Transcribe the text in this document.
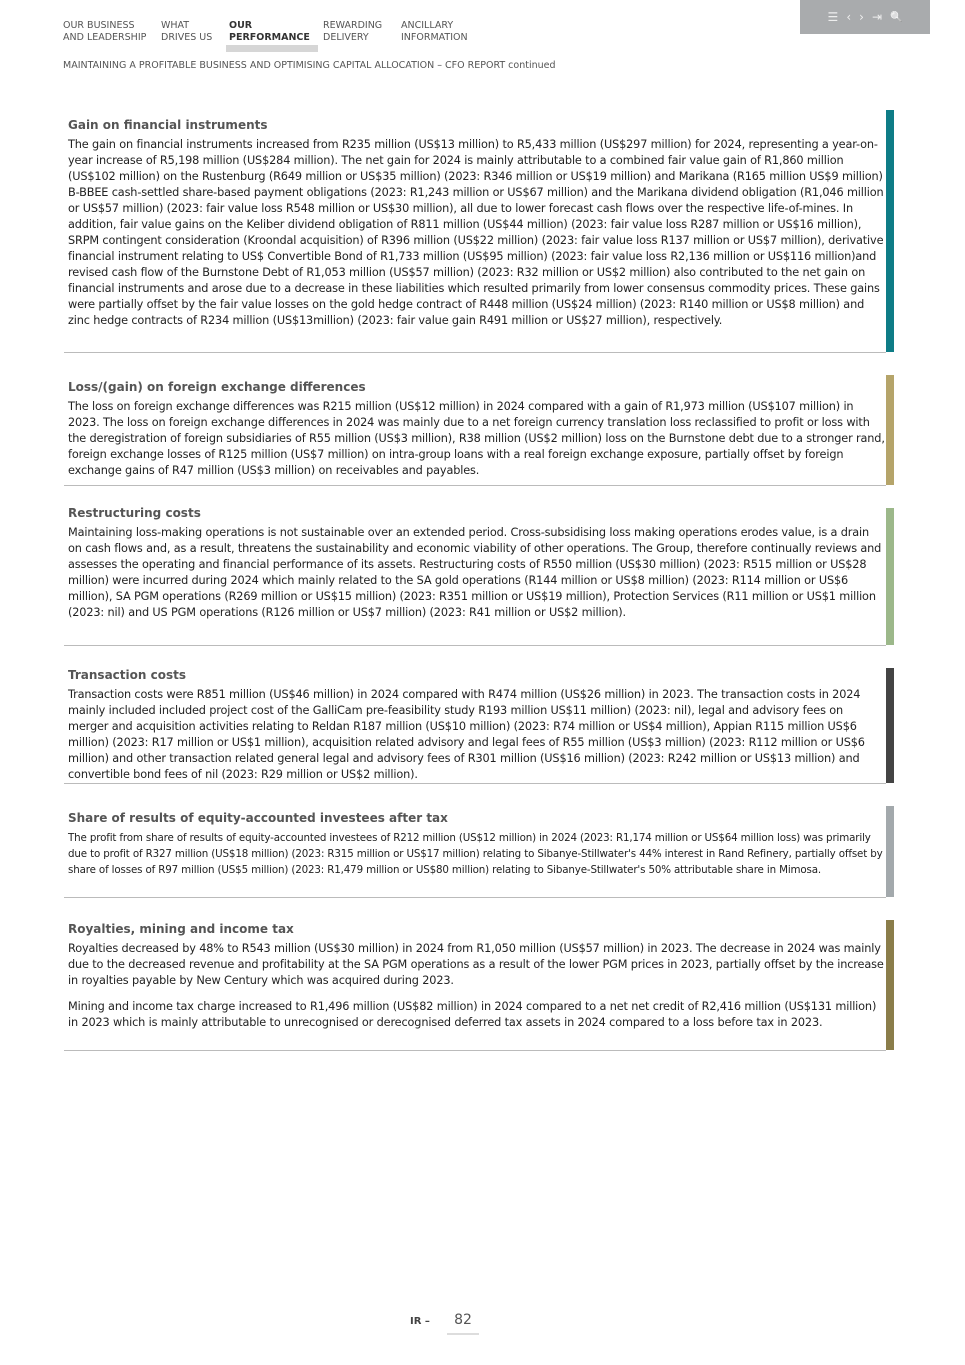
OUR BUSINESS
AND LEADERSHIP
WHAT
DRIVES US
OUR
PERFORMANCE
REWARDING
DELIVERY
ANCILLARY
INFORMATION
☰ ‹ › ⇥ 🔍
MAINTAINING A PROFITABLE BUSINESS AND OPTIMISING CAPITAL ALLOCATION – CFO REPORT continued
Gain on financial instruments

The gain on financial instruments increased from R235 million (US$13 million) to R5,433 million (US$297 million) for 2024, representing a year-on-year increase of R5,198 million (US$284 million). The net gain for 2024 is mainly attributable to a combined fair value gain of R1,860 million (US$102 million) on the Rustenburg (R649 million or US$35 million) (2023: R346 million or US$19 million) and Marikana (R165 million US$9 million) B-BBEE cash-settled share-based payment obligations (2023: R1,243 million or US$67 million) and the Marikana dividend obligation (R1,046 million or US$57 million) (2023: fair value loss R548 million or US$30 million), all due to lower forecast cash flows over the respective life-of-mines. In addition, fair value gains on the Keliber dividend obligation of R811 million (US$44 million) (2023: fair value loss R287 million or US$16 million), SRPM contingent consideration (Kroondal acquisition) of R396 million (US$22 million) (2023: fair value loss R137 million or US$7 million), derivative financial instrument relating to US$ Convertible Bond of R1,733 million (US$95 million) (2023: fair value loss R2,136 million or US$116 million)and revised cash flow of the Burnstone Debt of R1,053 million (US$57 million) (2023: R32 million or US$2 million) also contributed to the net gain on financial instruments and arose due to a decrease in these liabilities which resulted primarily from lower consensus commodity prices. These gains were partially offset by the fair value losses on the gold hedge contract of R448 million (US$24 million) (2023: R140 million or US$8 million) and zinc hedge contracts of R234 million (US$13million) (2023: fair value gain R491 million or US$27 million), respectively.

Loss/(gain) on foreign exchange differences

The loss on foreign exchange differences was R215 million (US$12 million) in 2024 compared with a gain of R1,973 million (US$107 million) in 2023. The loss on foreign exchange differences in 2024 was mainly due to a net foreign currency translation loss reclassified to profit or loss with the deregistration of foreign subsidiaries of R55 million (US$3 million), R38 million (US$2 million) loss on the Burnstone debt due to a stronger rand, foreign exchange losses of R125 million (US$7 million) on intra-group loans with a real foreign exchange exposure, partially offset by foreign exchange gains of R47 million (US$3 million) on receivables and payables.

Restructuring costs

Maintaining loss-making operations is not sustainable over an extended period. Cross-subsidising loss making operations erodes value, is a drain on cash flows and, as a result, threatens the sustainability and economic viability of other operations. The Group, therefore continually reviews and assesses the operating and financial performance of its assets. Restructuring costs of R550 million (US$30 million) (2023: R515 million or US$28 million) were incurred during 2024 which mainly related to the SA gold operations (R144 million or US$8 million) (2023: R114 million or US$6 million), SA PGM operations (R269 million or US$15 million) (2023: R351 million or US$19 million), Protection Services (R11 million or US$1 million (2023: nil) and US PGM operations (R126 million or US$7 million) (2023: R41 million or US$2 million).

Transaction costs

Transaction costs were R851 million (US$46 million) in 2024 compared with R474 million (US$26 million) in 2023. The transaction costs in 2024 mainly included included project cost of the GalliCam pre-feasibility study R193 million US$11 million) (2023: nil), legal and advisory fees on merger and acquisition activities relating to Reldan R187 million (US$10 million) (2023: R74 million or US$4 million), Appian R115 million US$6 million) (2023: R17 million or US$1 million), acquisition related advisory and legal fees of R55 million (US$3 million) (2023: R112 million or US$6 million) and other transaction related general legal and advisory fees of R301 million (US$16 million) (2023: R242 million or US$13 million) and convertible bond fees of nil (2023: R29 million or US$2 million).

Share of results of equity-accounted investees after tax

The profit from share of results of equity-accounted investees of R212 million (US$12 million) in 2024 (2023: R1,174 million or US$64 million loss) was primarily due to profit of R327 million (US$18 million) (2023: R315 million or US$17 million) relating to Sibanye-Stillwater's 44% interest in Rand Refinery, partially offset by share of losses of R97 million (US$5 million) (2023: R1,479 million or US$80 million) relating to Sibanye-Stillwater's 50% attributable share in Mimosa.

Royalties, mining and income tax

Royalties decreased by 48% to R543 million (US$30 million) in 2024 from R1,050 million (US$57 million) in 2023. The decrease in 2024 was mainly due to the decreased revenue and profitability at the SA PGM operations as a result of the lower PGM prices in 2023, partially offset by the increase in royalties payable by New Century which was acquired during 2023.

Mining and income tax charge increased to R1,496 million (US$82 million) in 2024 compared to a net net credit of R2,416 million (US$131 million) in 2023 which is mainly attributable to unrecognised or derecognised deferred tax assets in 2024 compared to a loss before tax in 2023.

IR –	82
